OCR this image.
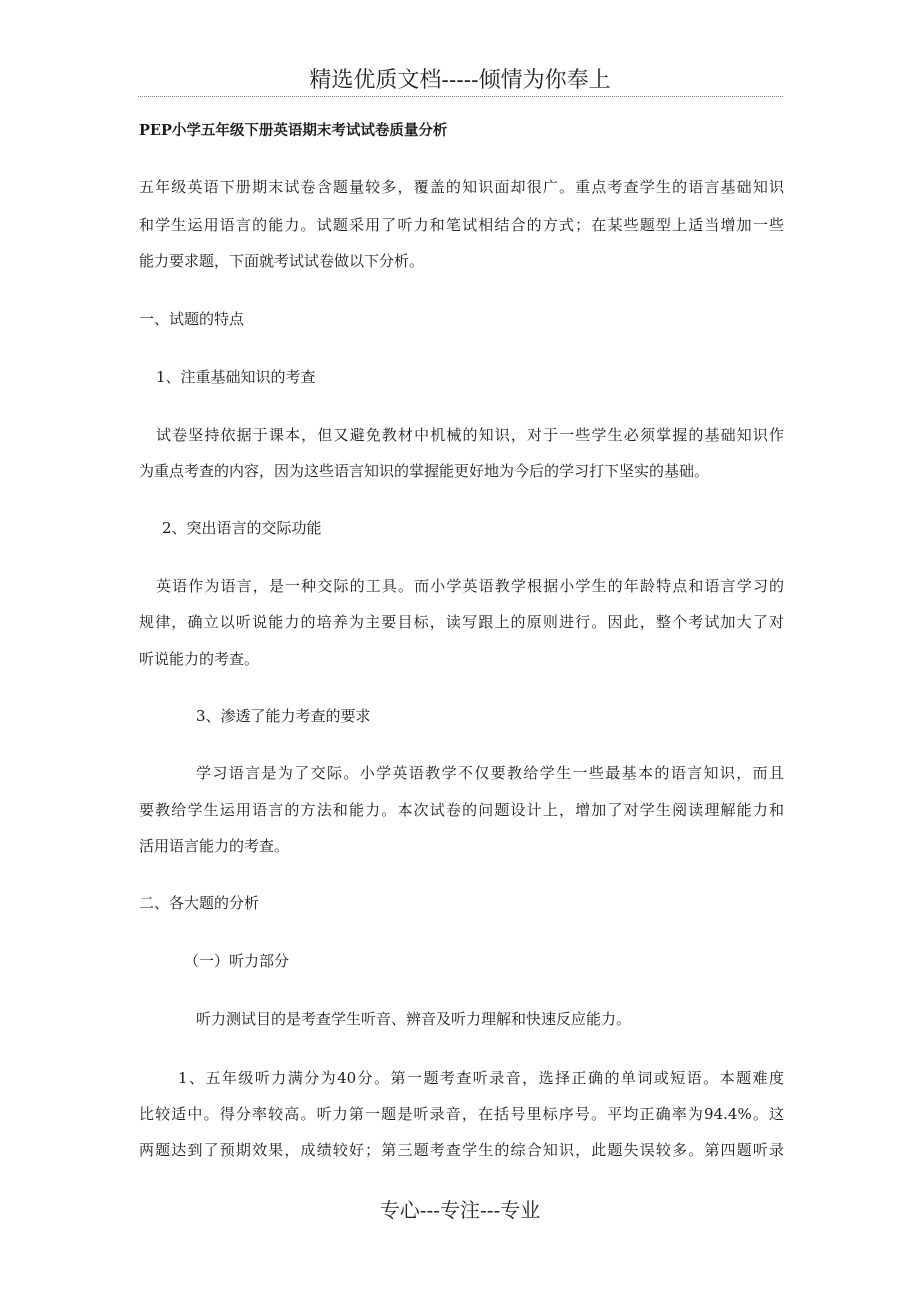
精选优质文档-----倾情为你奉上
PEP小学五年级下册英语期末考试试卷质量分析
五年级英语下册期末试卷含题量较多，覆盖的知识面却很广。重点考查学生的语言基础知识
和学生运用语言的能力。试题采用了听力和笔试相结合的方式；在某些题型上适当增加一些
能力要求题，下面就考试试卷做以下分析。
一、试题的特点
1、注重基础知识的考查
试卷坚持依据于课本，但又避免教材中机械的知识，对于一些学生必须掌握的基础知识作
为重点考查的内容，因为这些语言知识的掌握能更好地为今后的学习打下坚实的基础。
2、突出语言的交际功能
英语作为语言，是一种交际的工具。而小学英语教学根据小学生的年龄特点和语言学习的
规律，确立以听说能力的培养为主要目标，读写跟上的原则进行。因此，整个考试加大了对
听说能力的考查。
3、渗透了能力考查的要求
学习语言是为了交际。小学英语教学不仅要教给学生一些最基本的语言知识，而且
要教给学生运用语言的方法和能力。本次试卷的问题设计上，增加了对学生阅读理解能力和
活用语言能力的考查。
二、各大题的分析
（一）听力部分
听力测试目的是考查学生听音、辨音及听力理解和快速反应能力。
1、五年级听力满分为40分。第一题考查听录音，选择正确的单词或短语。本题难度
比较适中。得分率较高。听力第一题是听录音，在括号里标序号。平均正确率为94.4%。这
两题达到了预期效果，成绩较好；第三题考查学生的综合知识，此题失误较多。第四题听录
专心---专注---专业
